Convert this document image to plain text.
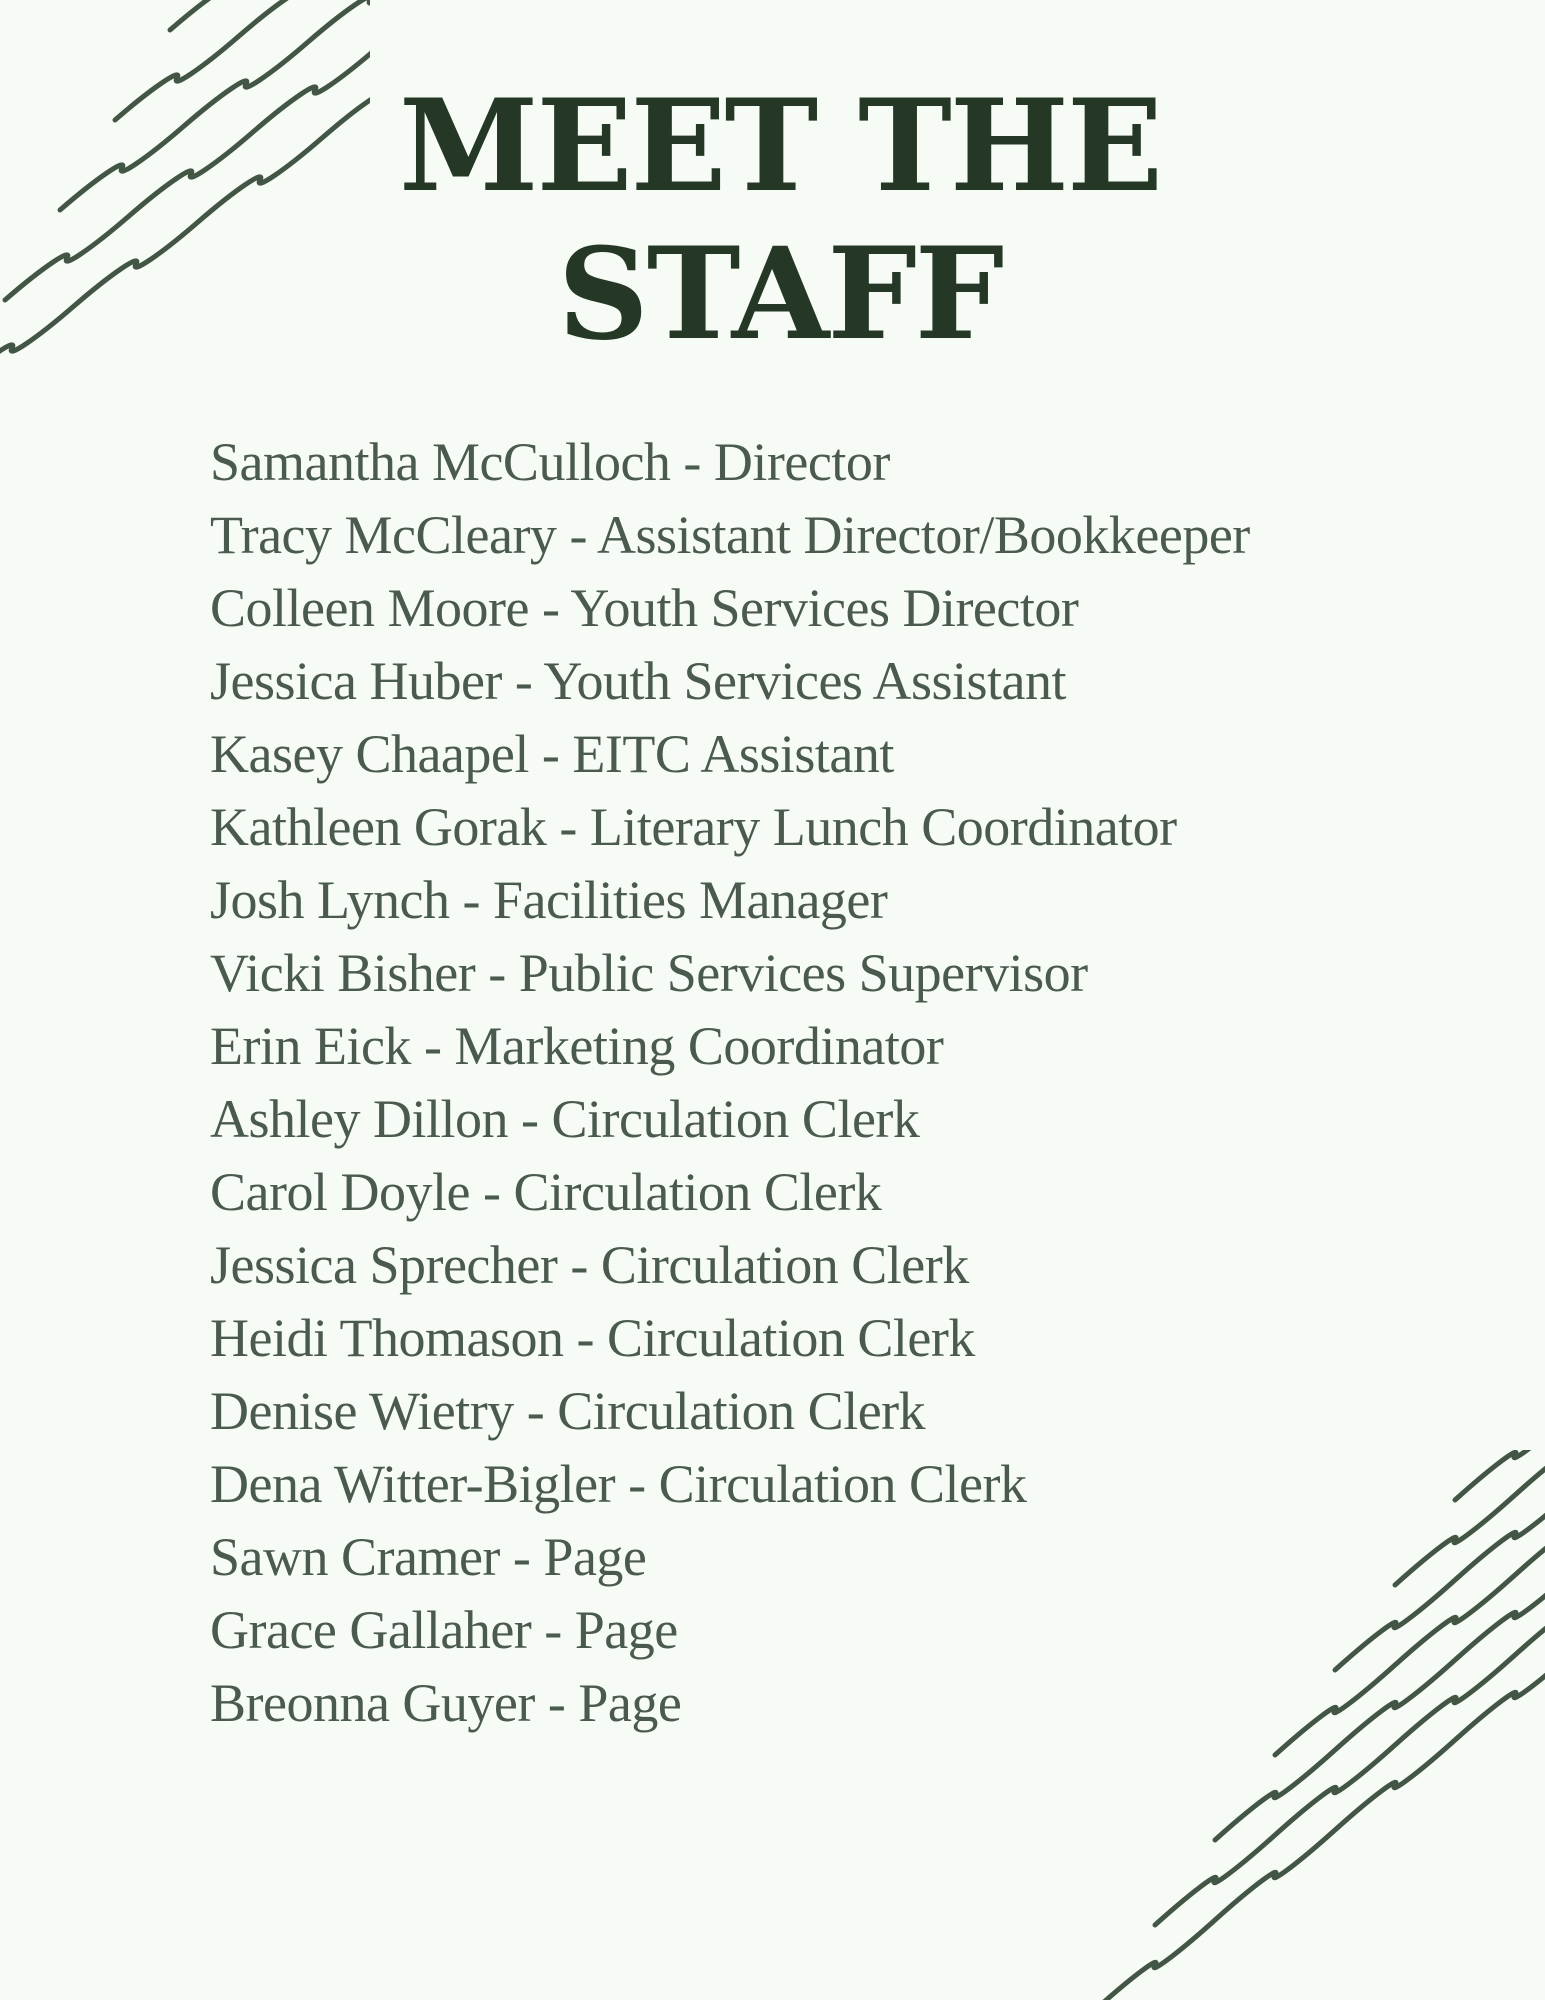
MEET THE
STAFF
Samantha McCulloch - Director
Tracy McCleary - Assistant Director/Bookkeeper
Colleen Moore - Youth Services Director
Jessica Huber - Youth Services Assistant
Kasey Chaapel - EITC Assistant
Kathleen Gorak - Literary Lunch Coordinator
Josh Lynch - Facilities Manager
Vicki Bisher - Public Services Supervisor
Erin Eick - Marketing Coordinator
Ashley Dillon - Circulation Clerk
Carol Doyle - Circulation Clerk
Jessica Sprecher - Circulation Clerk
Heidi Thomason - Circulation Clerk
Denise Wietry - Circulation Clerk
Dena Witter-Bigler - Circulation Clerk
Sawn Cramer - Page
Grace Gallaher - Page
Breonna Guyer - Page
